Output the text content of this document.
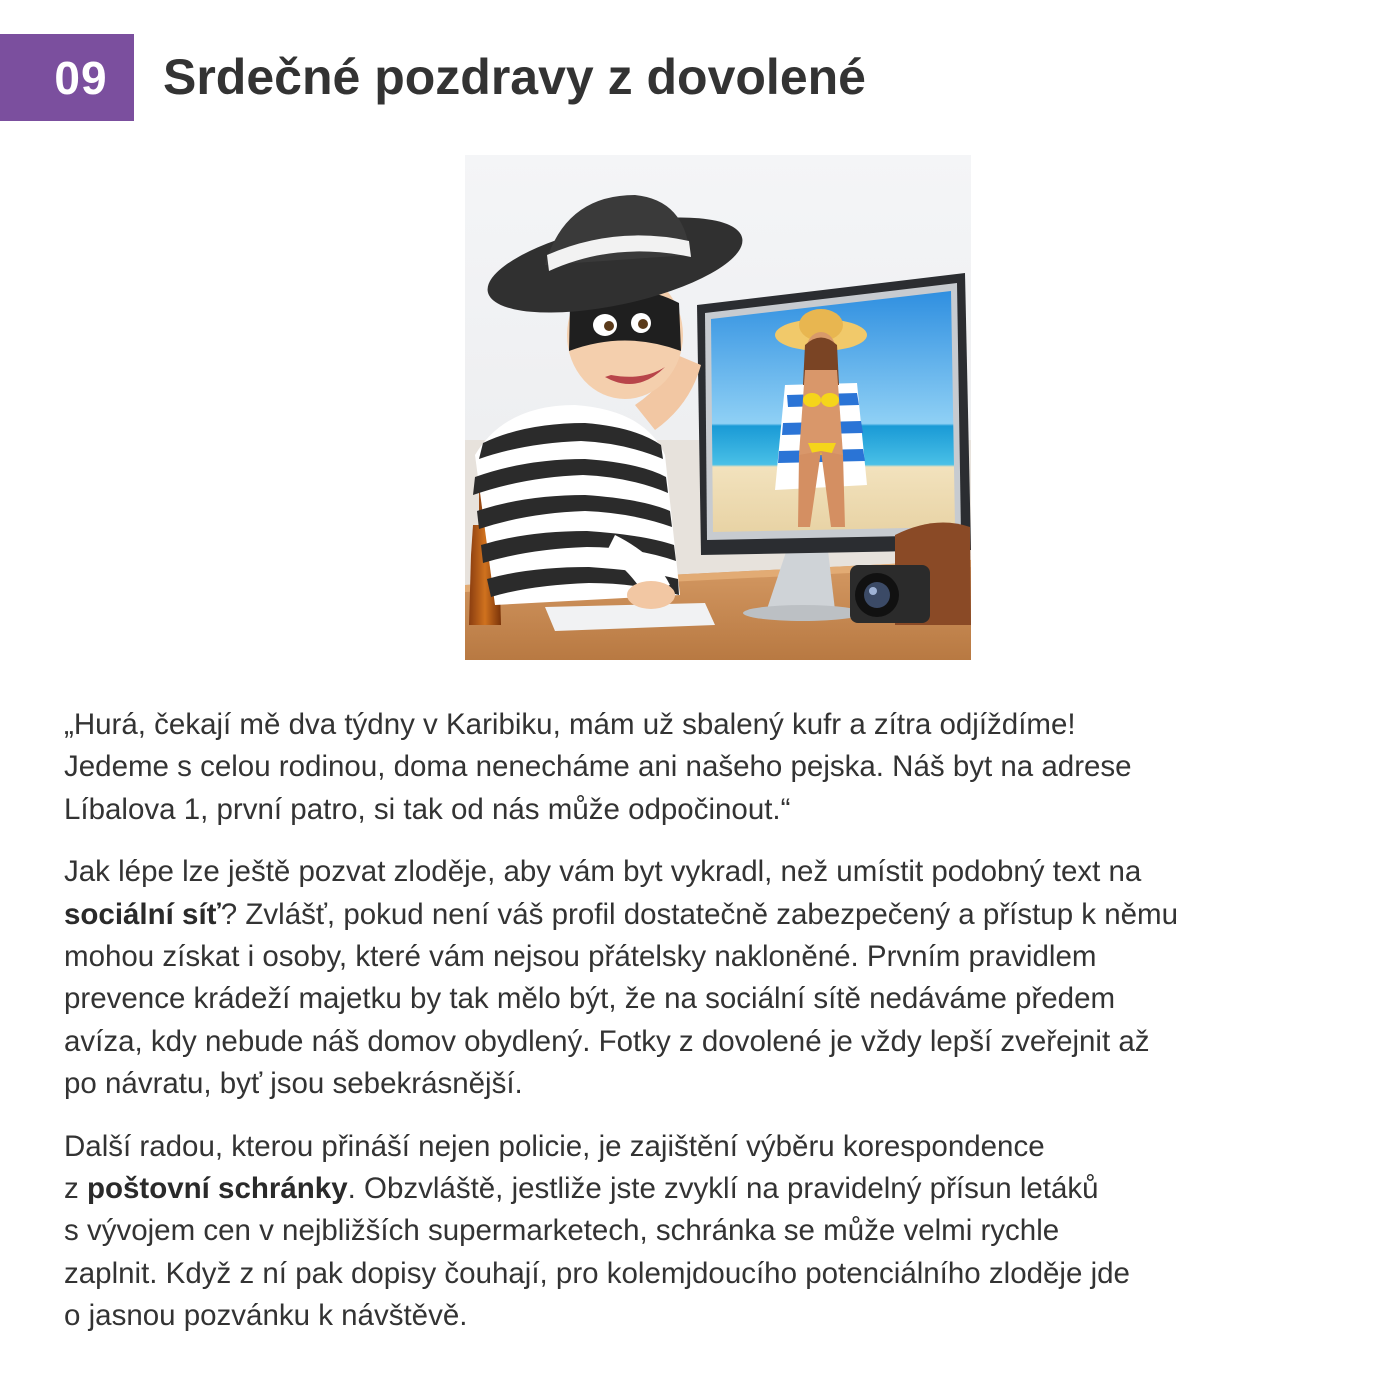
09 Srdečné pozdravy z dovolené

„Hurá, čekají mě dva týdny v Karibiku, mám už sbalený kufr a zítra odjíždíme!
Jedeme s celou rodinou, doma nenecháme ani našeho pejska. Náš byt na adrese
Líbalova 1, první patro, si tak od nás může odpočinout.“

Jak lépe lze ještě pozvat zloděje, aby vám byt vykradl, než umístit podobný text na
sociální síť? Zvlášť, pokud není váš profil dostatečně zabezpečený a přístup k němu
mohou získat i osoby, které vám nejsou přátelsky nakloněné. Prvním pravidlem
prevence krádeží majetku by tak mělo být, že na sociální sítě nedáváme předem
avíza, kdy nebude náš domov obydlený. Fotky z dovolené je vždy lepší zveřejnit až
po návratu, byť jsou sebekrásnější.

Další radou, kterou přináší nejen policie, je zajištění výběru korespondence
z poštovní schránky. Obzvláště, jestliže jste zvyklí na pravidelný přísun letáků
s vývojem cen v nejbližších supermarketech, schránka se může velmi rychle
zaplnit. Když z ní pak dopisy čouhají, pro kolemjdoucího potenciálního zloděje jde
o jasnou pozvánku k návštěvě.
